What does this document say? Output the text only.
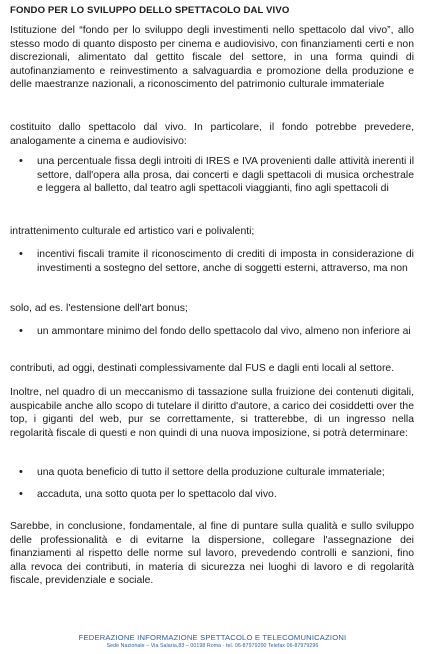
FONDO PER LO SVILUPPO DELLO SPETTACOLO DAL VIVO

Istituzione del “fondo per lo sviluppo degli investimenti nello spettacolo dal vivo”, allo stesso modo di quanto disposto per cinema e audiovisivo, con finanziamenti certi e non discrezionali, alimentato dal gettito fiscale del settore, in una forma quindi di autofinanziamento e reinvestimento a salvaguardia e promozione della produzione e delle maestranze nazionali, a riconoscimento del patrimonio culturale immateriale

costituito dallo spettacolo dal vivo. In particolare, il fondo potrebbe prevedere, analogamente a cinema e audiovisivo:

•	una percentuale fissa degli introiti di IRES e IVA provenienti dalle attività inerenti il settore, dall'opera alla prosa, dai concerti e dagli spettacoli di musica orchestrale e leggera al balletto, dal teatro agli spettacoli viaggianti, fino agli spettacoli di

intrattenimento culturale ed artistico vari e polivalenti;

•	incentivi fiscali tramite il riconoscimento di crediti di imposta in considerazione di investimenti a sostegno del settore, anche di soggetti esterni, attraverso, ma non

solo, ad es. l'estensione dell'art bonus;

•	un ammontare minimo del fondo dello spettacolo dal vivo, almeno non inferiore ai

contributi, ad oggi, destinati complessivamente dal FUS e dagli enti locali al settore.

Inoltre, nel quadro di un meccanismo di tassazione sulla fruizione dei contenuti digitali, auspicabile anche allo scopo di tutelare il diritto d'autore, a carico dei cosiddetti over the top, i giganti del web, pur se correttamente, si tratterebbe, di un ingresso nella regolarità fiscale di questi e non quindi di una nuova imposizione, si potrà determinare:

•	una quota beneficio di tutto il settore della produzione culturale immateriale;

•	accaduta, una sotto quota per lo spettacolo dal vivo.

Sarebbe, in conclusione, fondamentale, al fine di puntare sulla qualità e sullo sviluppo delle professionalità e di evitarne la dispersione, collegare l'assegnazione dei finanziamenti al rispetto delle norme sul lavoro, prevedendo controlli e sanzioni, fino alla revoca dei contributi, in materia di sicurezza nei luoghi di lavoro e di regolarità fiscale, previdenziale e sociale.

FEDERAZIONE INFORMAZIONE SPETTACOLO E TELECOMUNICAZIONI
Sede Nazionale – Via Salaria,83 – 00198 Roma · tel. 06-87979200 Telefax 06-87979296
